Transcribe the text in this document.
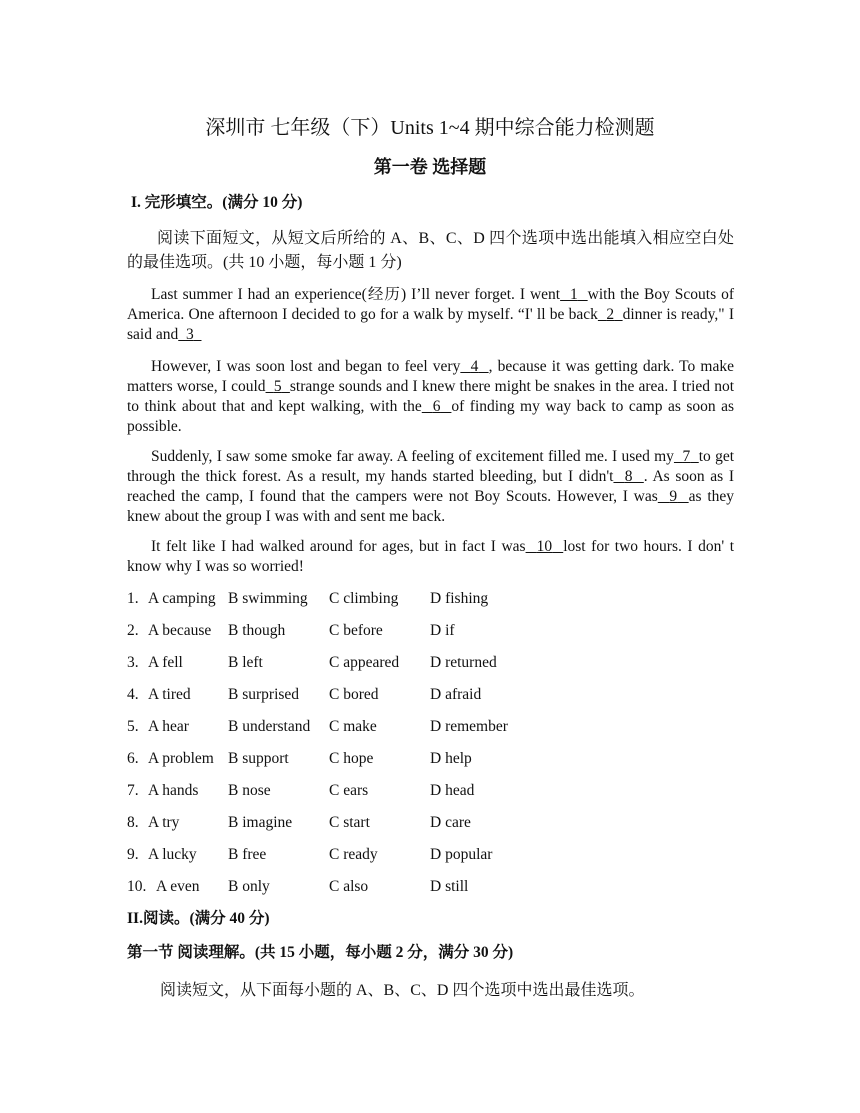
深圳市 七年级（下）Units 1~4 期中综合能力检测题
第一卷 选择题
I. 完形填空。(满分 10 分)
阅读下面短文，从短文后所给的 A、B、C、D 四个选项中选出能填入相应空白处的最佳选项。(共 10 小题，每小题 1 分)
Last summer I had an experience(经历) I’ll never forget. I went 1 with the Boy Scouts of America. One afternoon I decided to go for a walk by myself. “I' ll be back 2 dinner is ready," I said and 3
However, I was soon lost and began to feel very 4 , because it was getting dark. To make matters worse, I could 5 strange sounds and I knew there might be snakes in the area. I tried not to think about that and kept walking, with the 6 of finding my way back to camp as soon as possible.
Suddenly, I saw some smoke far away. A feeling of excitement filled me. I used my 7 to get through the thick forest. As a result, my hands started bleeding, but I didn't 8 . As soon as I reached the camp, I found that the campers were not Boy Scouts. However, I was 9 as they knew about the group I was with and sent me back.
It felt like I had walked around for ages, but in fact I was 10 lost for two hours. I don' t know why I was so worried!
1. A camping B swimming C climbing D fishing
2. A because B though	C before	D if
3. A fell	B left	C appeared D returned
4. A tired B surprised C bored	D afraid
5. A hear	B understand C make	D remember
6. A problem B support	C hope	D help
7. A hands B nose	C ears	D head
8. A try	B imagine C start	D care
9. A lucky B free	C ready	D popular
10. A even B only	C also	D still
II.阅读。(满分 40 分)
第一节 阅读理解。(共 15 小题，每小题 2 分，满分 30 分)
阅读短文，从下面每小题的 A、B、C、D 四个选项中选出最佳选项。
